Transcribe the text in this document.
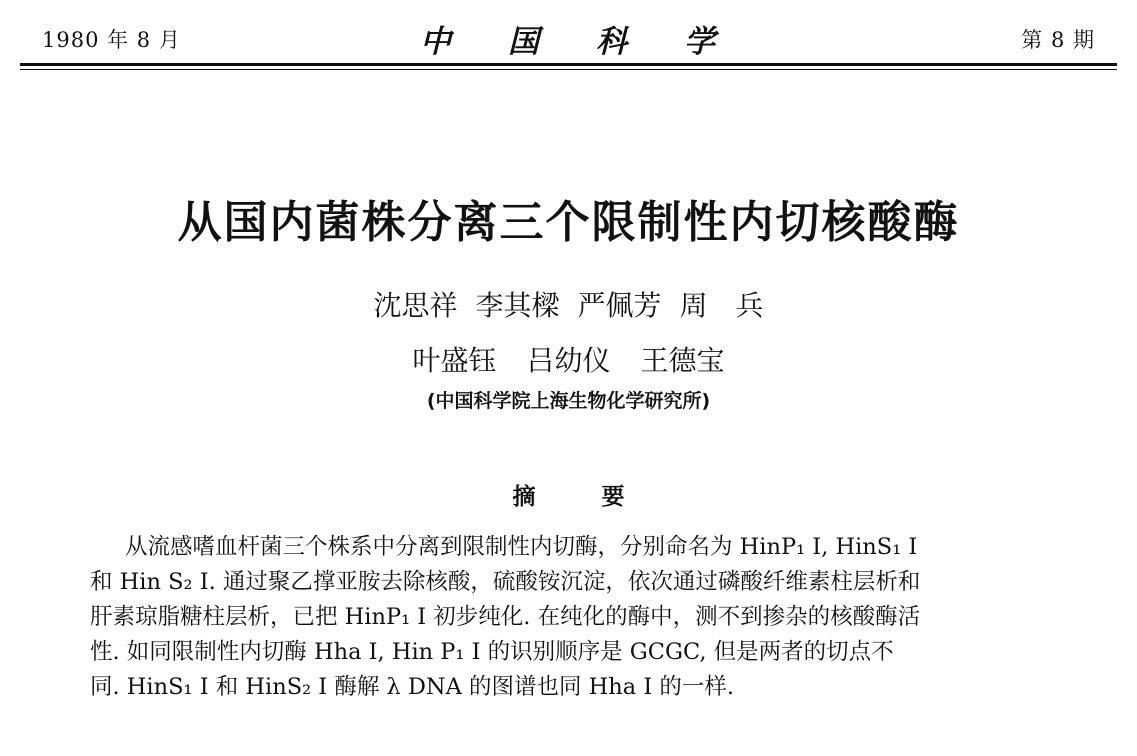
1980 年 8 月	中国科学	第 8 期
从国内菌株分离三个限制性内切核酸酶
沈思祥 李其樑 严佩芳 周　兵
叶盛钰 吕幼仪 王德宝
(中国科学院上海生物化学研究所)
摘要
从流感嗜血杆菌三个株系中分离到限制性内切酶，分别命名为 HinP₁ I, HinS₁ I
和 Hin S₂ I. 通过聚乙撑亚胺去除核酸，硫酸铵沉淀，依次通过磷酸纤维素柱层析和
肝素琼脂糖柱层析，已把 HinP₁ I 初步纯化. 在纯化的酶中，测不到掺杂的核酸酶活
性. 如同限制性内切酶 Hha I, Hin P₁ I 的识别顺序是 GCGC, 但是两者的切点不
同. HinS₁ I 和 HinS₂ I 酶解 λ DNA 的图谱也同 Hha I 的一样.
